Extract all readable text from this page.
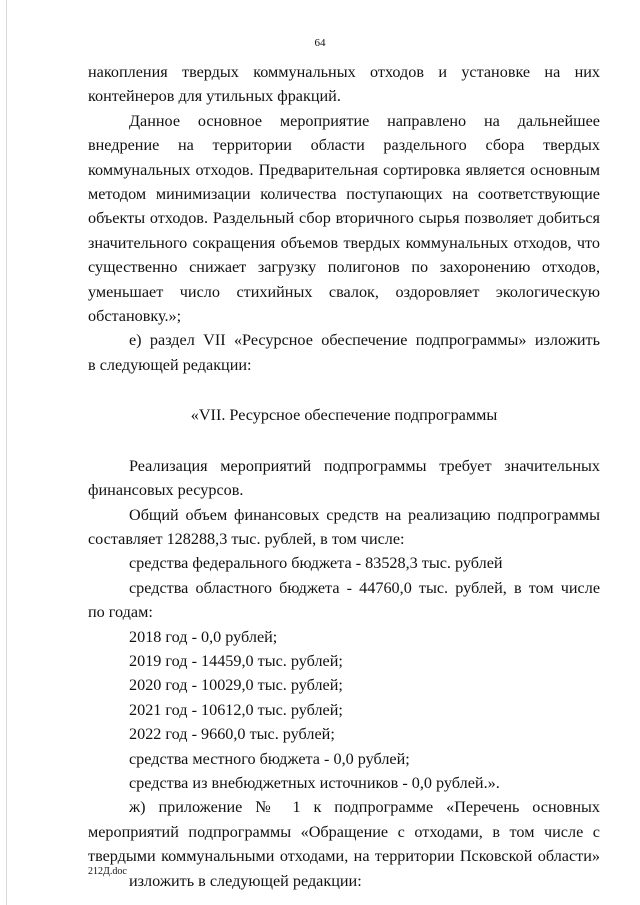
64
накопления твердых коммунальных отходов и установке на них
контейнеров для утильных фракций.
Данное основное мероприятие направлено на дальнейшее
внедрение на территории области раздельного сбора твердых
коммунальных отходов. Предварительная сортировка является основным
методом минимизации количества поступающих на соответствующие
объекты отходов. Раздельный сбор вторичного сырья позволяет добиться
значительного сокращения объемов твердых коммунальных отходов, что
существенно снижает загрузку полигонов по захоронению отходов,
уменьшает число стихийных свалок, оздоровляет экологическую
обстановку.»;
е) раздел VII «Ресурсное обеспечение подпрограммы» изложить
в следующей редакции:
«VII. Ресурсное обеспечение подпрограммы
Реализация мероприятий подпрограммы требует значительных
финансовых ресурсов.
Общий объем финансовых средств на реализацию подпрограммы
составляет 128288,3 тыс. рублей, в том числе:
средства федерального бюджета - 83528,3 тыс. рублей
средства областного бюджета - 44760,0 тыс. рублей, в том числе
по годам:
2018 год - 0,0 рублей;
2019 год - 14459,0 тыс. рублей;
2020 год - 10029,0 тыс. рублей;
2021 год - 10612,0 тыс. рублей;
2022 год - 9660,0 тыс. рублей;
средства местного бюджета - 0,0 рублей;
средства из внебюджетных источников - 0,0 рублей.».
ж) приложение № 1 к подпрограмме «Перечень основных
мероприятий подпрограммы «Обращение с отходами, в том числе с
твердыми коммунальными отходами, на территории Псковской области»
изложить в следующей редакции:
212Д.doc
